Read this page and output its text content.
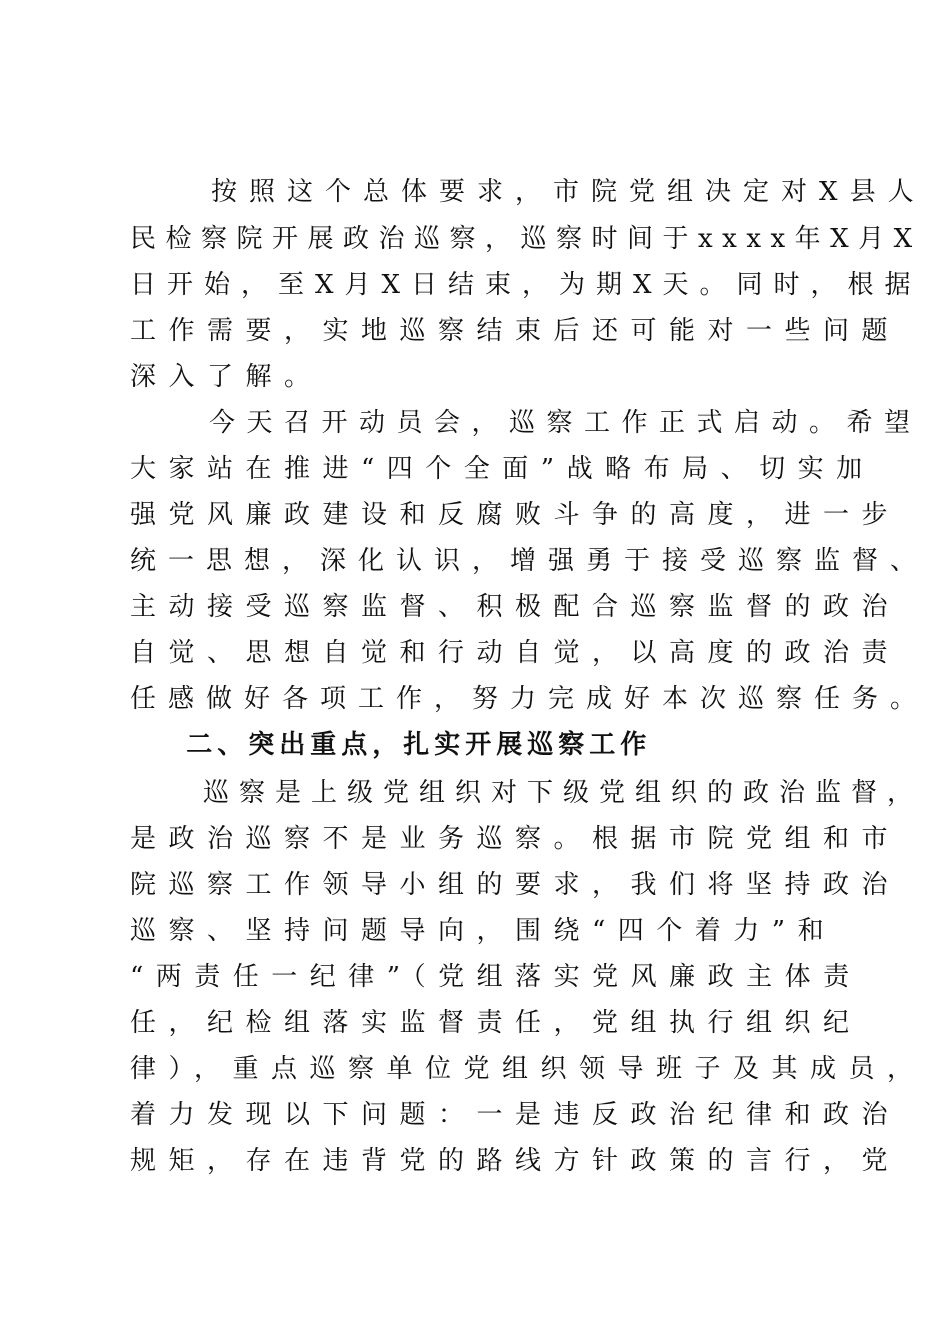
按照这个总体要求，市院党组决定对X县人
民检察院开展政治巡察，巡察时间于xxxx年X月X
日开始，至X月X日结束，为期X天。同时，根据
工作需要，实地巡察结束后还可能对一些问题
深入了解。
今天召开动员会，巡察工作正式启动。希望
大家站在推进“四个全面”战略布局、切实加
强党风廉政建设和反腐败斗争的高度，进一步
统一思想，深化认识，增强勇于接受巡察监督、
主动接受巡察监督、积极配合巡察监督的政治
自觉、思想自觉和行动自觉，以高度的政治责
任感做好各项工作，努力完成好本次巡察任务。
二、突出重点，扎实开展巡察工作
巡察是上级党组织对下级党组织的政治监督，
是政治巡察不是业务巡察。根据市院党组和市
院巡察工作领导小组的要求，我们将坚持政治
巡察、坚持问题导向，围绕“四个着力”和
“两责任一纪律”（党组落实党风廉政主体责
任，纪检组落实监督责任，党组执行组织纪
律），重点巡察单位党组织领导班子及其成员，
着力发现以下问题：一是违反政治纪律和政治
规矩，存在违背党的路线方针政策的言行，党
